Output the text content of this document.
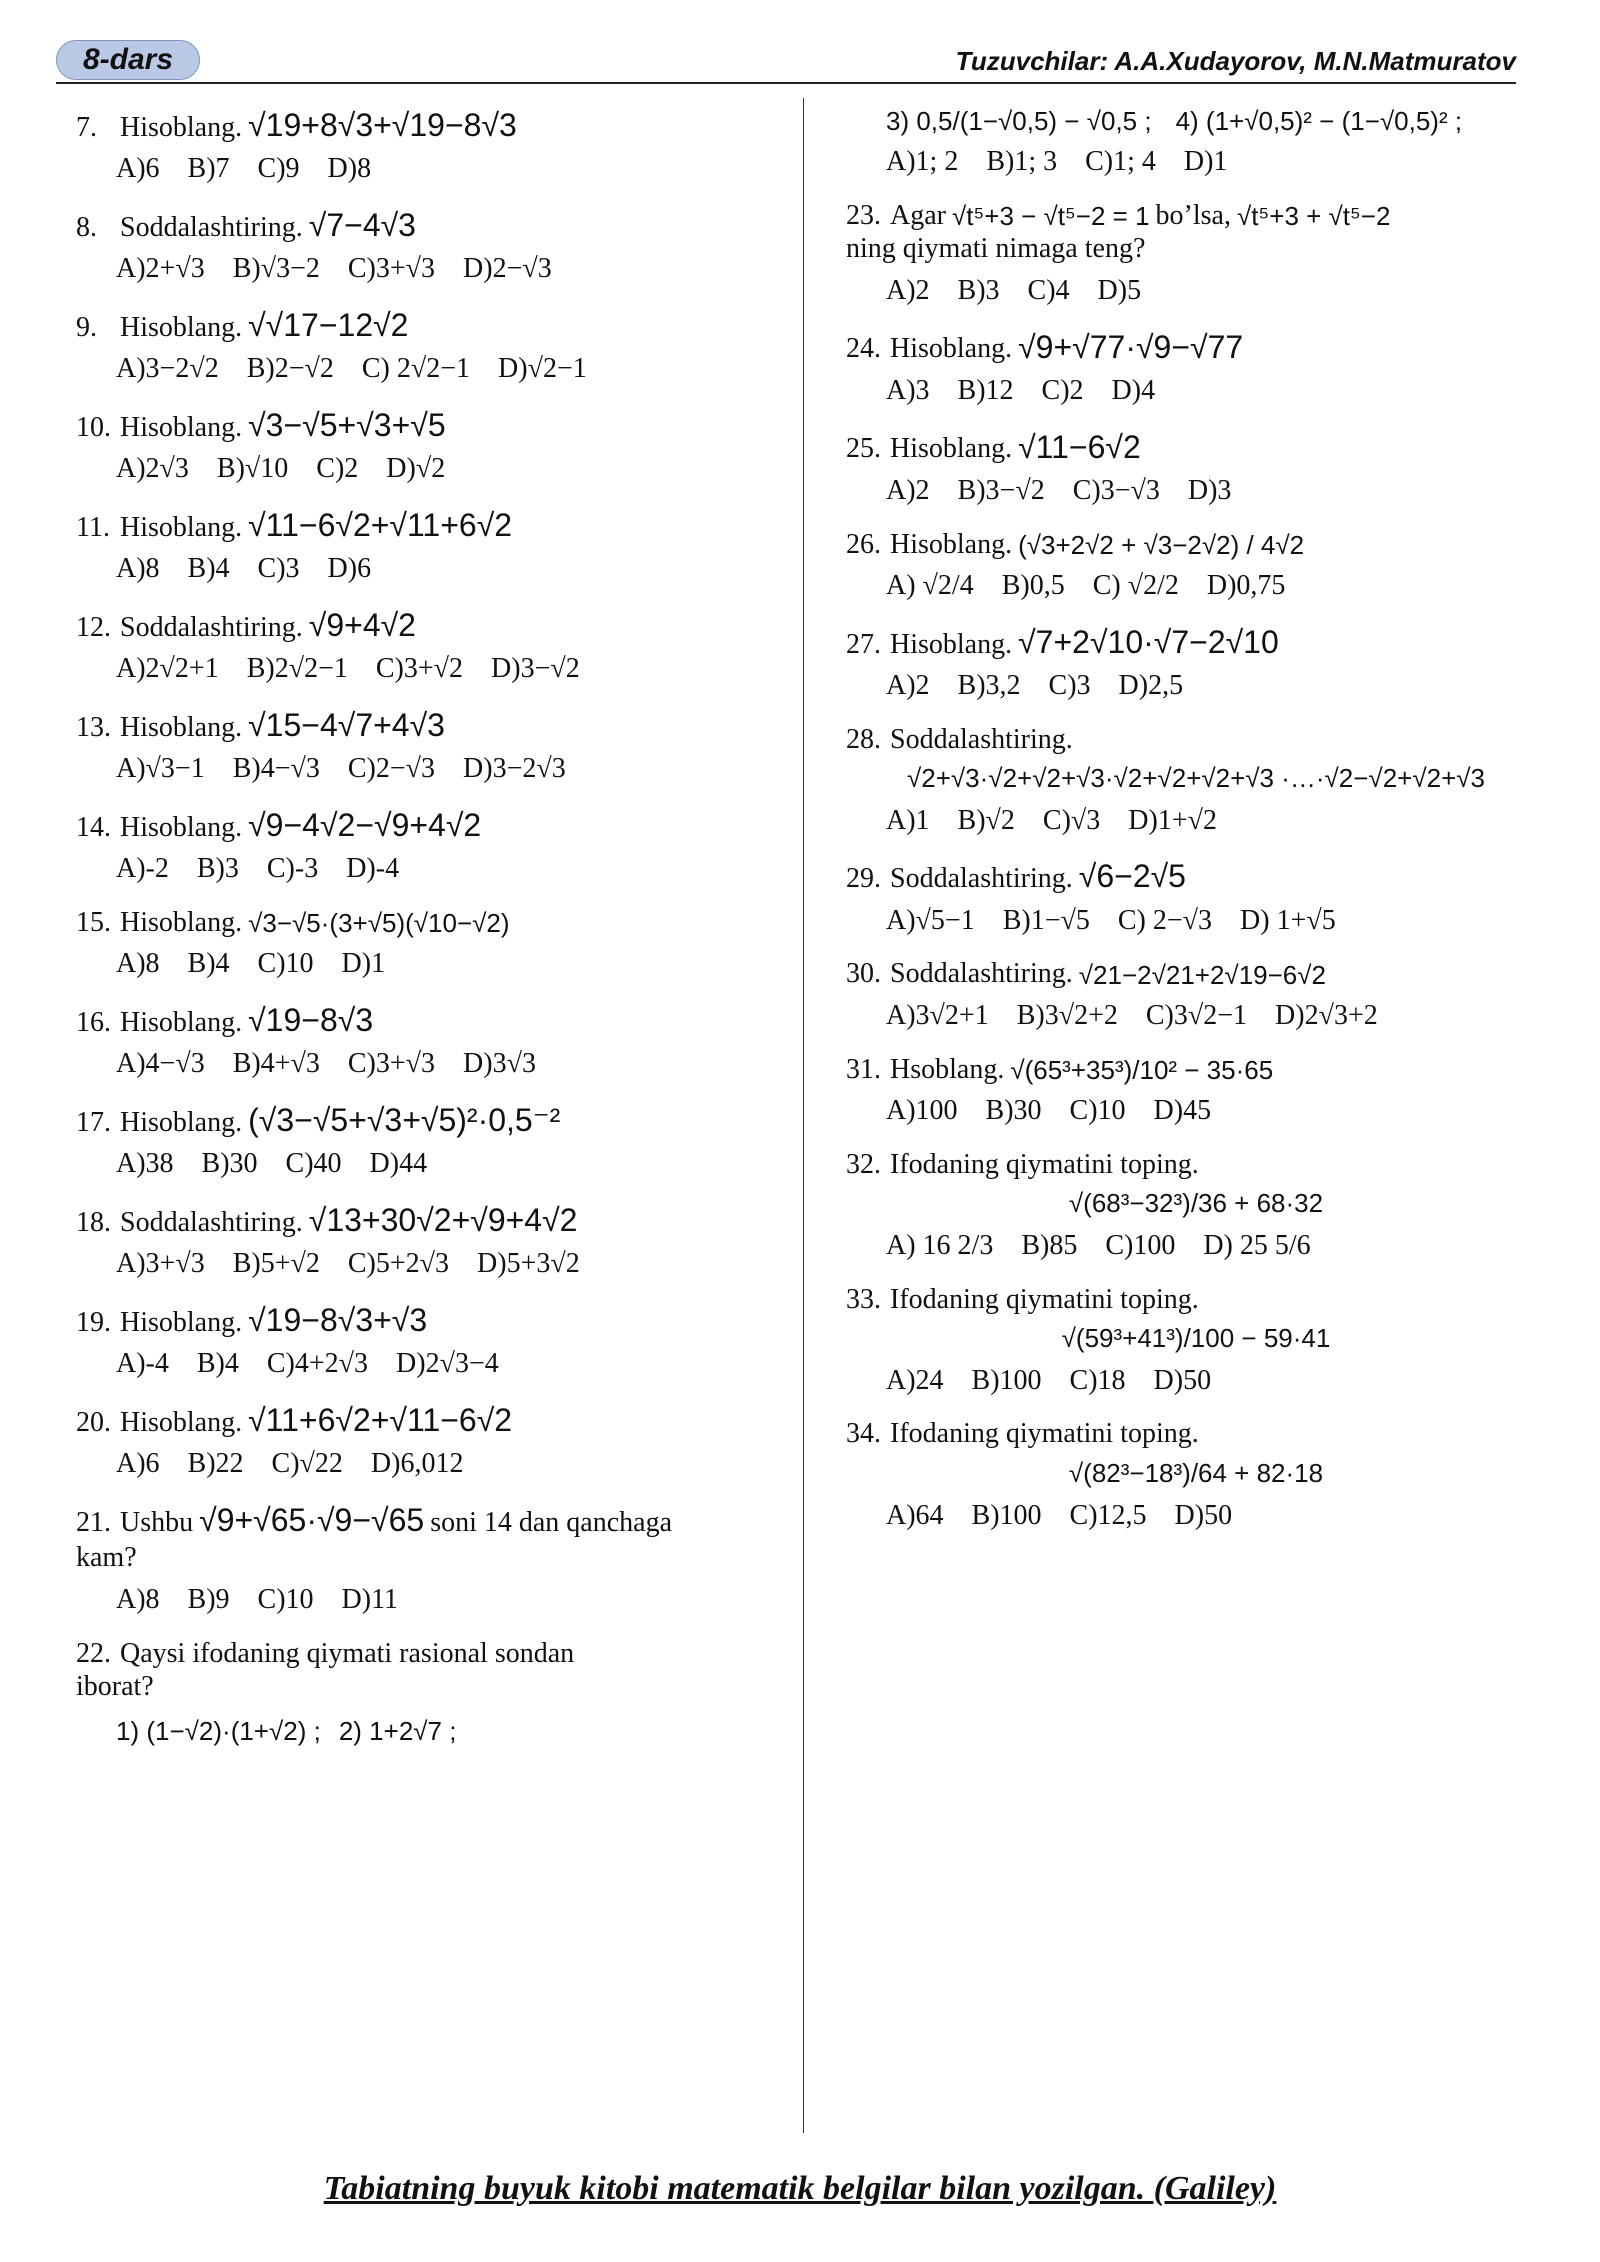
8-dars	Tuzuvchilar: A.A.Xudayorov, M.N.Matmuratov
7. Hisoblang. √19+8√3+√19−8√3
A)6 B)7 C)9 D)8
8. Soddalashtiring. √7−4√3
A)2+√3 B)√3−2 C)3+√3 D)2−√3
9. Hisoblang. √√17−12√2
A)3−2√2 B)2−√2 C) 2√2−1 D)√2−1
10. Hisoblang. √3−√5+√3+√5
A)2√3 B)√10 C)2 D)√2
11. Hisoblang. √11−6√2+√11+6√2
A)8 B)4 C)3 D)6
12. Soddalashtiring. √9+4√2
A)2√2+1 B)2√2−1 C)3+√2 D)3−√2
13. Hisoblang. √15−4√7+4√3
A)√3−1 B)4−√3 C)2−√3 D)3−2√3
14. Hisoblang. √9−4√2−√9+4√2
A)-2 B)3 C)-3 D)-4
15. Hisoblang. √3−√5·(3+√5)(√10−√2)
A)8 B)4 C)10 D)1
16. Hisoblang. √19−8√3
A)4−√3 B)4+√3 C)3+√3 D)3√3
17. Hisoblang. (√3−√5+√3+√5)²·0,5⁻²
A)38 B)30 C)40 D)44
18. Soddalashtiring. √13+30√2+√9+4√2
A)3+√3 B)5+√2 C)5+2√3 D)5+3√2
19. Hisoblang. √19−8√3+√3
A)-4 B)4 C)4+2√3 D)2√3−4
20. Hisoblang. √11+6√2+√11−6√2
A)6 B)22 C)√22 D)6,012
21. Ushbu √9+√65·√9−√65 soni 14 dan qanchaga
kam?
A)8 B)9 C)10 D)11
22. Qaysi ifodaning qiymati rasional sondan
iborat?
1) (1−√2)·(1+√2) ; 2) 1+2√7 ;
3) 0,5/(1−√0,5) − √0,5 ; 4) (1+√0,5)² − (1−√0,5)² ;
A)1; 2 B)1; 3 C)1; 4 D)1
23. Agar √t⁵+3 − √t⁵−2 = 1 bo’lsa, √t⁵+3 + √t⁵−2
ning qiymati nimaga teng?
A)2 B)3 C)4 D)5
24. Hisoblang. √9+√77·√9−√77
A)3 B)12 C)2 D)4
25. Hisoblang. √11−6√2
A)2 B)3−√2 C)3−√3 D)3
26. Hisoblang. (√3+2√2 + √3−2√2) / 4√2
A) √2/4 B)0,5 C) √2/2 D)0,75
27. Hisoblang. √7+2√10·√7−2√10
A)2 B)3,2 C)3 D)2,5
28. Soddalashtiring.
√2+√3·√2+√2+√3·√2+√2+√2+√3 ·…·√2−√2+√2+√3
A)1 B)√2 C)√3 D)1+√2
29. Soddalashtiring. √6−2√5
A)√5−1 B)1−√5 C) 2−√3 D) 1+√5
30. Soddalashtiring. √21−2√21+2√19−6√2
A)3√2+1 B)3√2+2 C)3√2−1 D)2√3+2
31. Hsoblang. √(65³+35³)/10² − 35·65
A)100 B)30 C)10 D)45
32. Ifodaning qiymatini toping.
√(68³−32³)/36 + 68·32
A) 16 2/3 B)85 C)100 D) 25 5/6
33. Ifodaning qiymatini toping.
√(59³+41³)/100 − 59·41
A)24 B)100 C)18 D)50
34. Ifodaning qiymatini toping.
√(82³−18³)/64 + 82·18
A)64 B)100 C)12,5 D)50
Tabiatning buyuk kitobi matematik belgilar bilan yozilgan. (Galiley)
